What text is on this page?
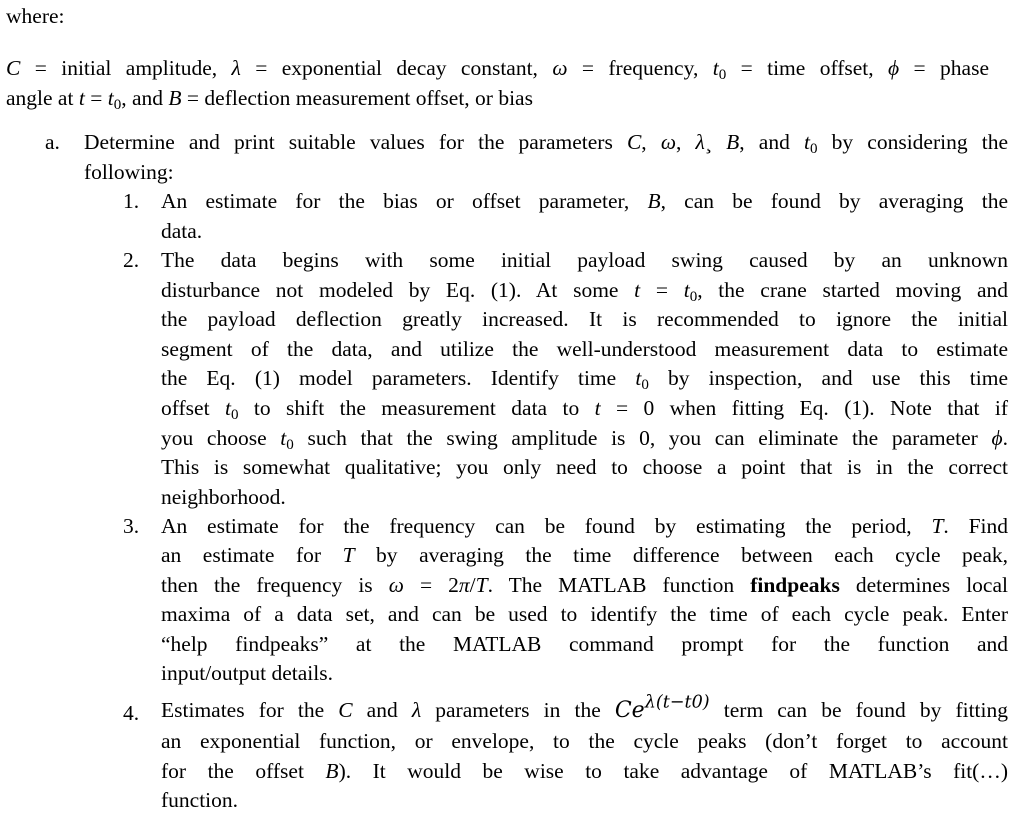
where:
C = initial amplitude, λ = exponential decay constant, ω = frequency, $t_0$ = time offset, ϕ = phase
angle at $t = t_0$, and B = deflection measurement offset, or bias
a. Determine and print suitable values for the parameters C, ω, λ¸ B, and $t_0$ by considering the
following:
1. An estimate for the bias or offset parameter, B, can be found by averaging the
data.
2. The data begins with some initial payload swing caused by an unknown
disturbance not modeled by Eq. (1). At some $t = t_0$, the crane started moving and
the payload deflection greatly increased. It is recommended to ignore the initial
segment of the data, and utilize the well-understood measurement data to estimate
the Eq. (1) model parameters. Identify time $t_0$ by inspection, and use this time
offset $t_0$ to shift the measurement data to t = 0 when fitting Eq. (1). Note that if
you choose $t_0$ such that the swing amplitude is 0, you can eliminate the parameter ϕ.
This is somewhat qualitative; you only need to choose a point that is in the correct
neighborhood.
3. An estimate for the frequency can be found by estimating the period, T. Find
an estimate for T by averaging the time difference between each cycle peak,
then the frequency is ω = 2π/T. The MATLAB function findpeaks determines local
maxima of a data set, and can be used to identify the time of each cycle peak. Enter
“help findpeaks” at the MATLAB command prompt for the function and
input/output details.
4. Estimates for the C and λ parameters in the $Ce^{\lambda(t-t0)}$ term can be found by fitting
an exponential function, or envelope, to the cycle peaks (don’t forget to account
for the offset B). It would be wise to take advantage of MATLAB’s fit(…)
function.
